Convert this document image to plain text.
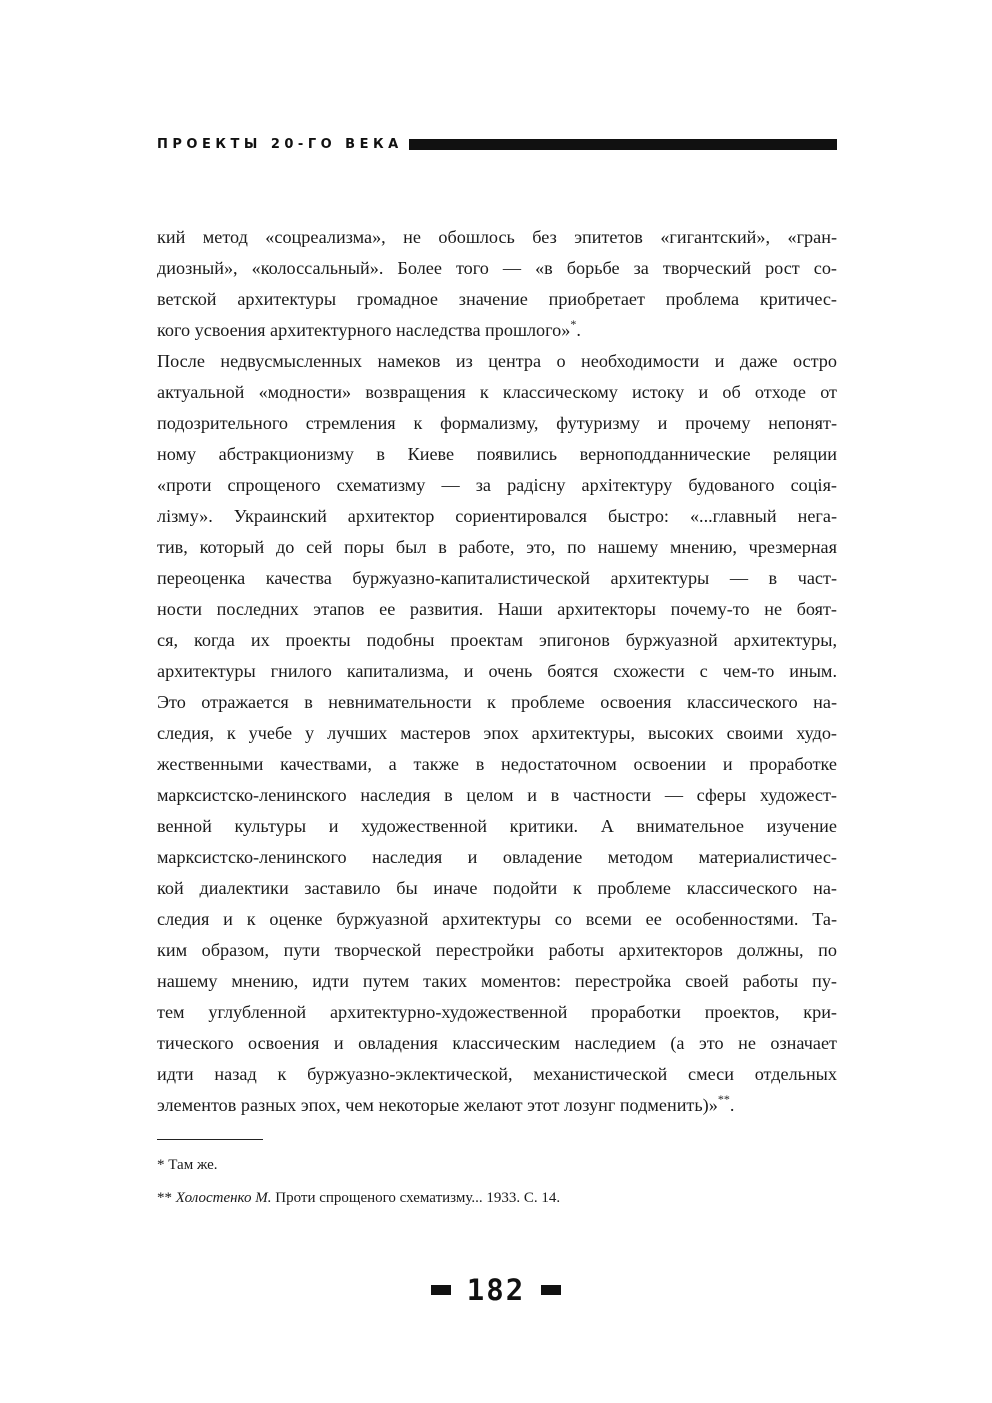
ПРОЕКТЫ 20-ГО ВЕКА
кий метод «соцреализма», не обошлось без эпитетов «гигантский», «гран-
диозный», «колоссальный». Более того — «в борьбе за творческий рост со-
ветской архитектуры громадное значение приобретает проблема критичес-
кого усвоения архитектурного наследства прошлого»*.
После недвусмысленных намеков из центра о необходимости и даже остро
актуальной «модности» возвращения к классическому истоку и об отходе от
подозрительного стремления к формализму, футуризму и прочему непонят-
ному абстракционизму в Киеве появились верноподданнические реляции
«проти спрощеного схематизму — за радісну архітектуру будованого соція-
лізму». Украинский архитектор сориентировался быстро: «...главный нега-
тив, который до сей поры был в работе, это, по нашему мнению, чрезмерная
переоценка качества буржуазно-капиталистической архитектуры — в част-
ности последних этапов ее развития. Наши архитекторы почему-то не боят-
ся, когда их проекты подобны проектам эпигонов буржуазной архитектуры,
архитектуры гнилого капитализма, и очень боятся схожести с чем-то иным.
Это отражается в невнимательности к проблеме освоения классического на-
следия, к учебе у лучших мастеров эпох архитектуры, высоких своими худо-
жественными качествами, а также в недостаточном освоении и проработке
марксистско-ленинского наследия в целом и в частности — сферы художест-
венной культуры и художественной критики. А внимательное изучение
марксистско-ленинского наследия и овладение методом материалистичес-
кой диалектики заставило бы иначе подойти к проблеме классического на-
следия и к оценке буржуазной архитектуры со всеми ее особенностями. Та-
ким образом, пути творческой перестройки работы архитекторов должны, по
нашему мнению, идти путем таких моментов: перестройка своей работы пу-
тем углубленной архитектурно-художественной проработки проектов, кри-
тического освоения и овладения классическим наследием (а это не означает
идти назад к буржуазно-эклектической, механистической смеси отдельных
элементов разных эпох, чем некоторые желают этот лозунг подменить)»**.

* Там же.

** Холостенко М. Проти спрощеного схематизму... 1933. С. 14.

182
